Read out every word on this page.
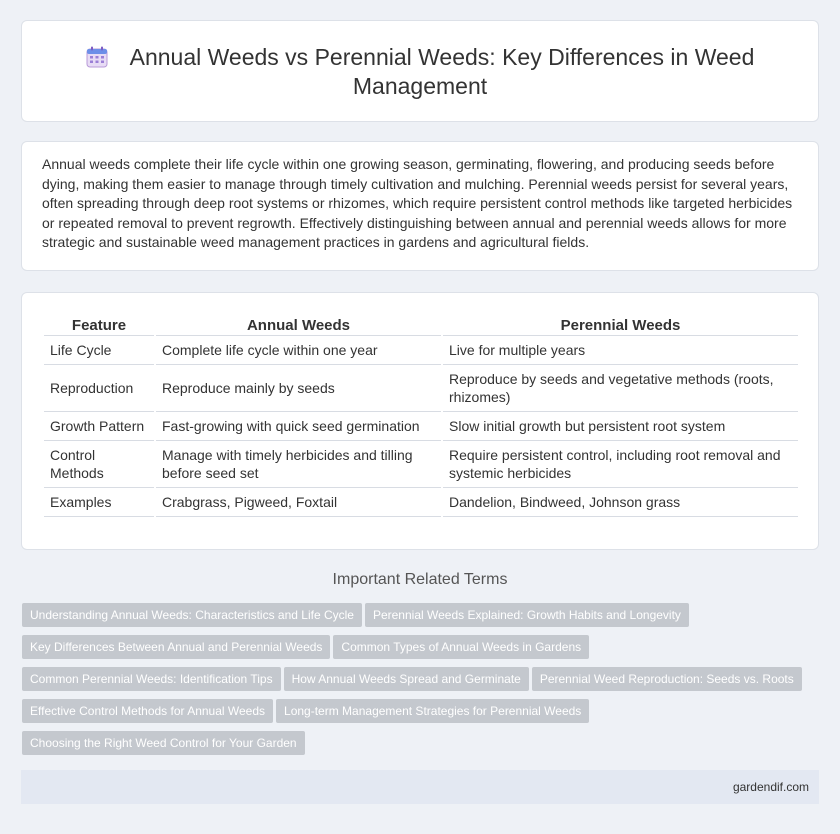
Annual Weeds vs Perennial Weeds: Key Differences in Weed Management

Annual weeds complete their life cycle within one growing season, germinating, flowering, and producing seeds before dying, making them easier to manage through timely cultivation and mulching. Perennial weeds persist for several years, often spreading through deep root systems or rhizomes, which require persistent control methods like targeted herbicides or repeated removal to prevent regrowth. Effectively distinguishing between annual and perennial weeds allows for more strategic and sustainable weed management practices in gardens and agricultural fields.

Feature	Annual Weeds	Perennial Weeds
Life Cycle	Complete life cycle within one year	Live for multiple years
Reproduction	Reproduce mainly by seeds	Reproduce by seeds and vegetative methods (roots, rhizomes)
Growth Pattern	Fast-growing with quick seed germination	Slow initial growth but persistent root system
Control Methods	Manage with timely herbicides and tilling before seed set	Require persistent control, including root removal and systemic herbicides
Examples	Crabgrass, Pigweed, Foxtail	Dandelion, Bindweed, Johnson grass
Important Related Terms
Understanding Annual Weeds: Characteristics and Life Cycle Perennial Weeds Explained: Growth Habits and Longevity
Key Differences Between Annual and Perennial Weeds Common Types of Annual Weeds in Gardens
Common Perennial Weeds: Identification Tips How Annual Weeds Spread and Germinate Perennial Weed Reproduction: Seeds vs. Roots
Effective Control Methods for Annual Weeds Long-term Management Strategies for Perennial Weeds
Choosing the Right Weed Control for Your Garden
gardendif.com
